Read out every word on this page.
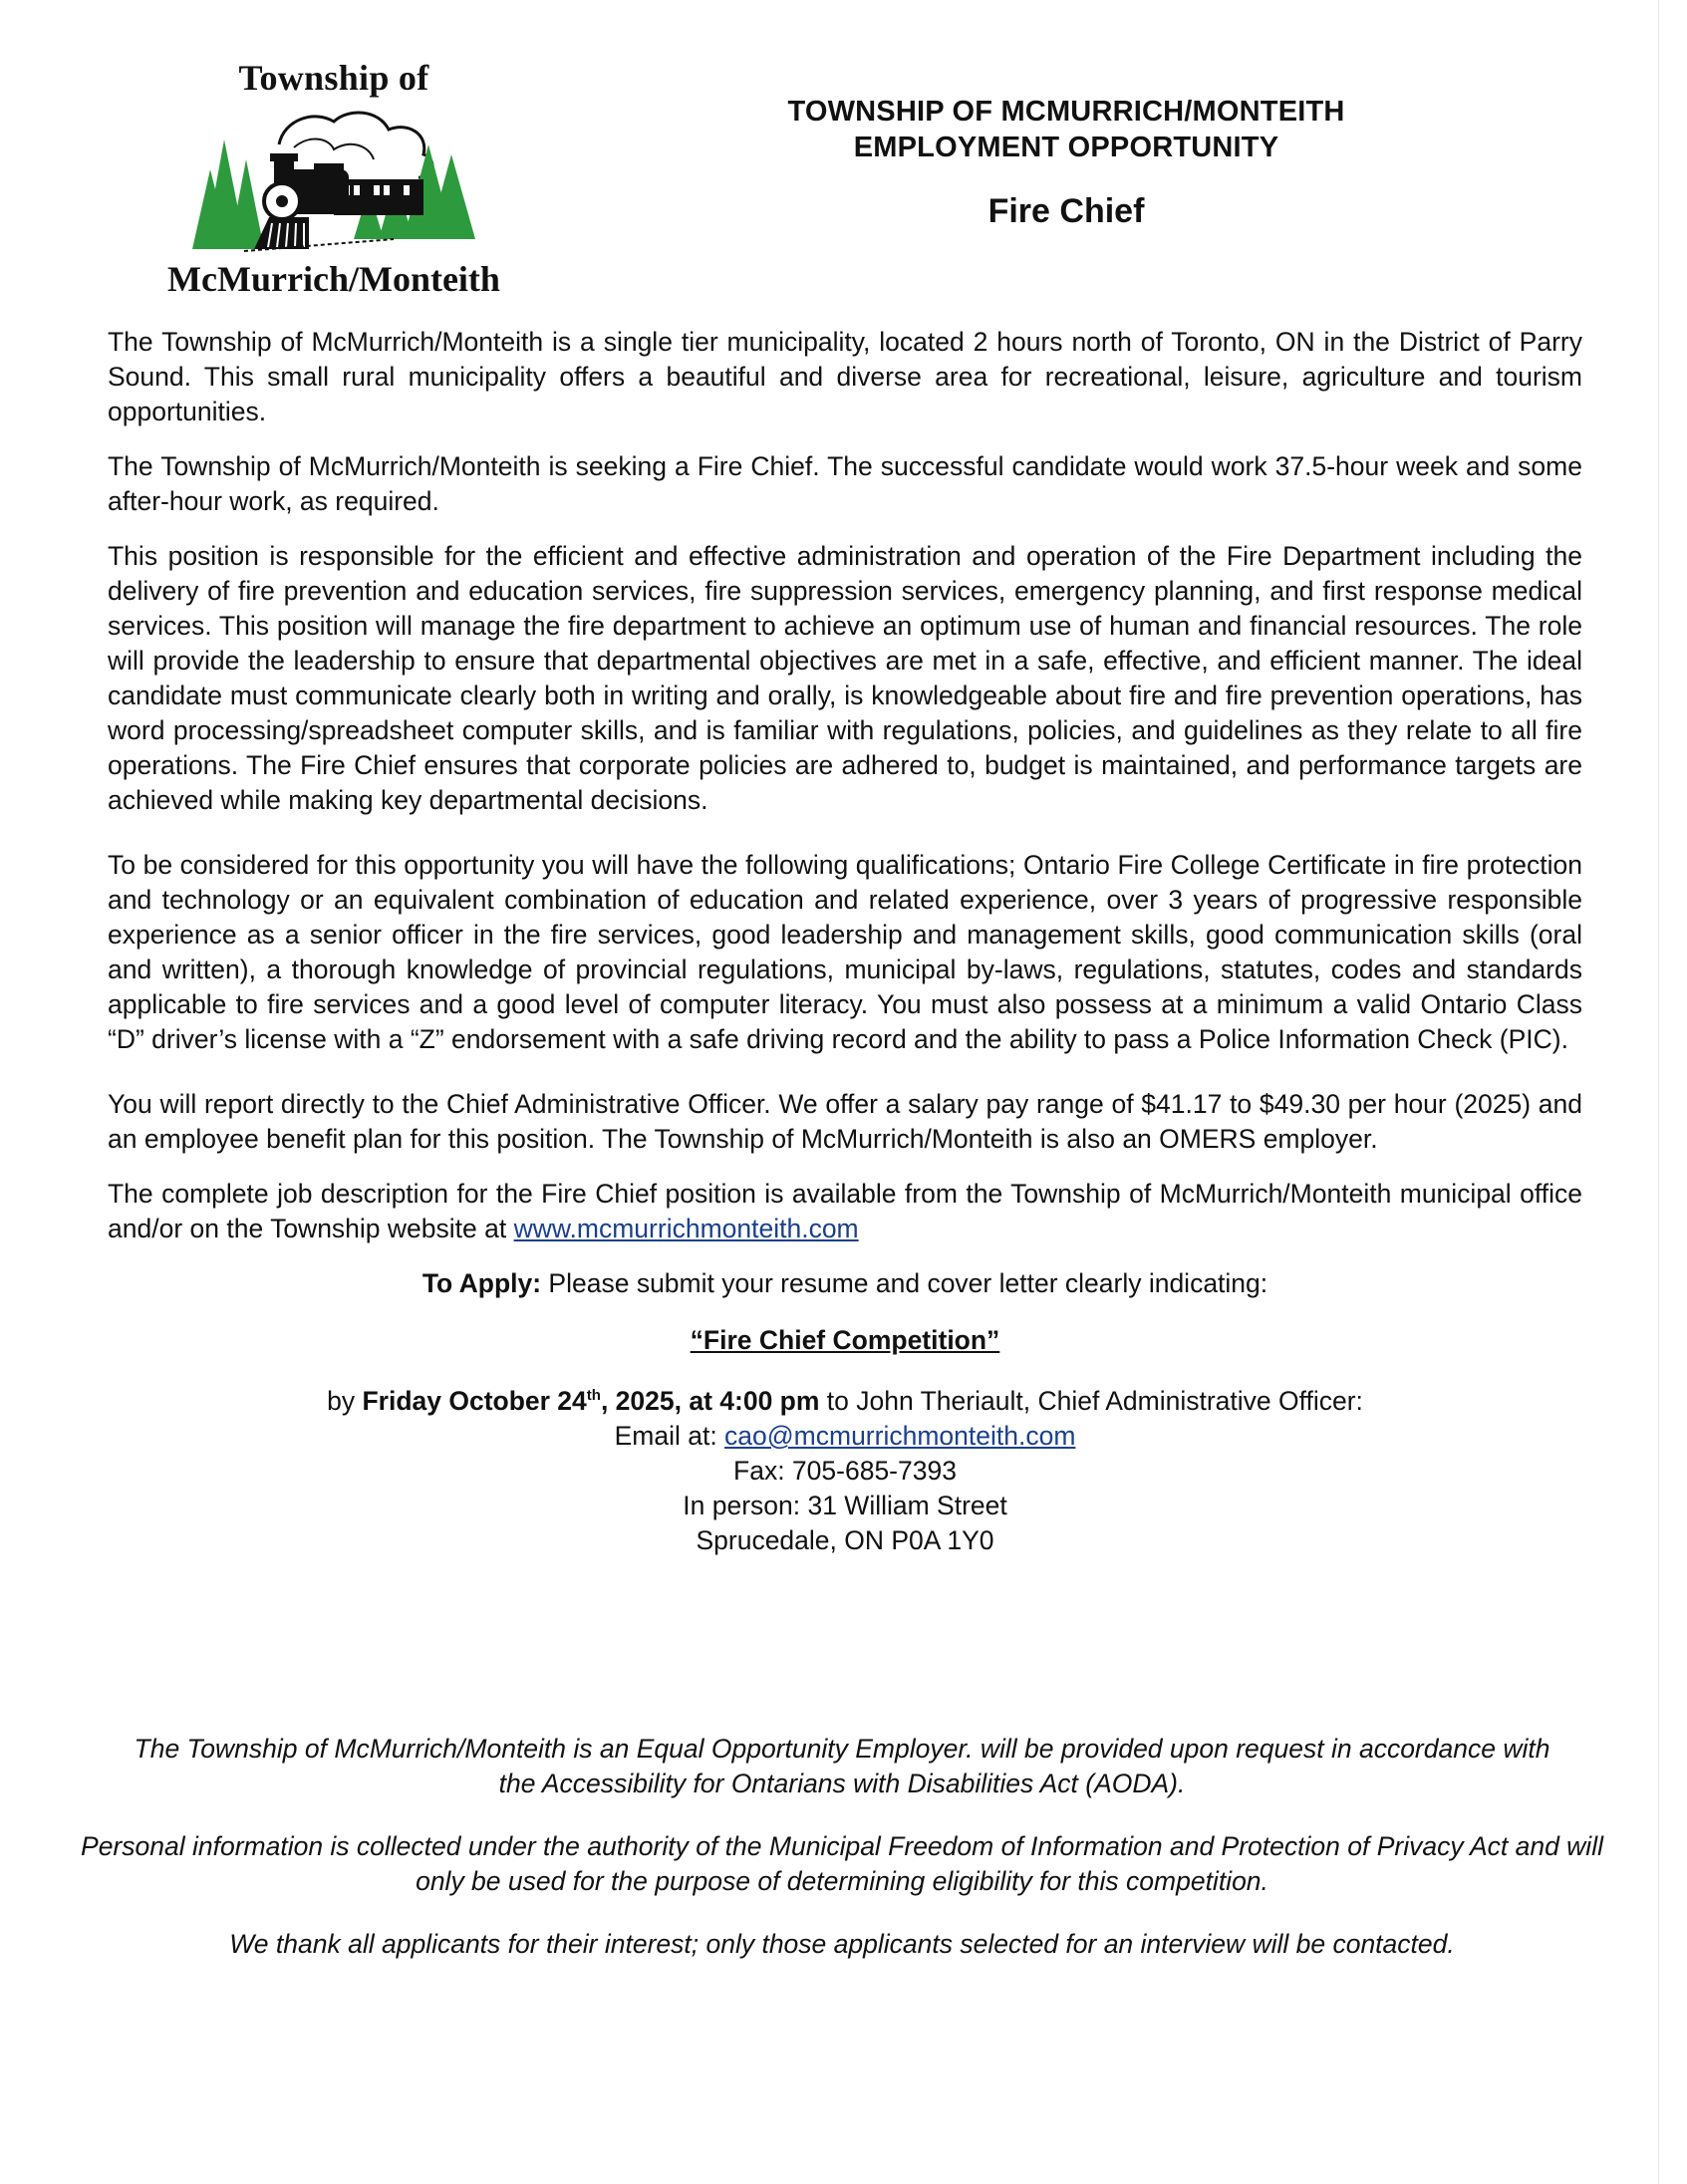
Township of
McMurrich/Monteith
TOWNSHIP OF MCMURRICH/MONTEITH
EMPLOYMENT OPPORTUNITY
Fire Chief

The Township of McMurrich/Monteith is a single tier municipality, located 2 hours north of Toronto, ON in the District of Parry Sound. This small rural municipality offers a beautiful and diverse area for recreational, leisure, agriculture and tourism opportunities.

The Township of McMurrich/Monteith is seeking a Fire Chief. The successful candidate would work 37.5-hour week and some after-hour work, as required.

This position is responsible for the efficient and effective administration and operation of the Fire Department including the delivery of fire prevention and education services, fire suppression services, emergency planning, and first response medical services. This position will manage the fire department to achieve an optimum use of human and financial resources. The role will provide the leadership to ensure that departmental objectives are met in a safe, effective, and efficient manner. The ideal candidate must communicate clearly both in writing and orally, is knowledgeable about fire and fire prevention operations, has word processing/spreadsheet computer skills, and is familiar with regulations, policies, and guidelines as they relate to all fire operations. The Fire Chief ensures that corporate policies are adhered to, budget is maintained, and performance targets are achieved while making key departmental decisions.

To be considered for this opportunity you will have the following qualifications; Ontario Fire College Certificate in fire protection and technology or an equivalent combination of education and related experience, over 3 years of progressive responsible experience as a senior officer in the fire services, good leadership and management skills, good communication skills (oral and written), a thorough knowledge of provincial regulations, municipal by-laws, regulations, statutes, codes and standards applicable to fire services and a good level of computer literacy. You must also possess at a minimum a valid Ontario Class “D” driver’s license with a “Z” endorsement with a safe driving record and the ability to pass a Police Information Check (PIC).

You will report directly to the Chief Administrative Officer. We offer a salary pay range of $41.17 to $49.30 per hour (2025) and an employee benefit plan for this position. The Township of McMurrich/Monteith is also an OMERS employer.

The complete job description for the Fire Chief position is available from the Township of McMurrich/Monteith municipal office and/or on the Township website at www.mcmurrichmonteith.com

To Apply: Please submit your resume and cover letter clearly indicating:

“Fire Chief Competition”

by Friday October 24th, 2025, at 4:00 pm to John Theriault, Chief Administrative Officer:

Email at: cao@mcmurrichmonteith.com

Fax: 705-685-7393

In person: 31 William Street

Sprucedale, ON P0A 1Y0

The Township of McMurrich/Monteith is an Equal Opportunity Employer. will be provided upon request in accordance with the Accessibility for Ontarians with Disabilities Act (AODA).

Personal information is collected under the authority of the Municipal Freedom of Information and Protection of Privacy Act and will only be used for the purpose of determining eligibility for this competition.

We thank all applicants for their interest; only those applicants selected for an interview will be contacted.
